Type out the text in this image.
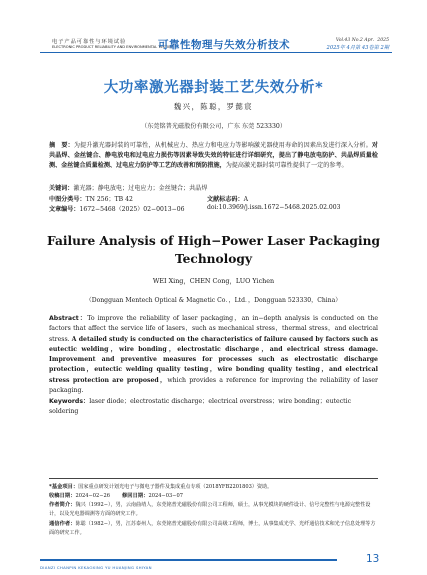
电子产品可靠性与环境试验
ELECTRONIC PRODUCT RELIABILITY AND ENVIRONMENTAL TESTING
可靠性物理与失效分析技术	Vol.43 No.2 Apr．2025
2025年 4月第 43卷第 2期
大功率激光器封装工艺失效分析*
魏兴，陈聪，罗懿宸
（东莞铭普光磁股份有限公司，广东 东莞 523330）
摘　要：为提升激光器封装的可靠性，从机械应力、热应力和电应力等影响激光器使用寿命的因素出发进行深入分析。对共晶焊、金丝键合、静电放电和过电应力损伤等因素导致失效的特征进行详细研究，提出了静电放电防护、共晶焊质量检测、金丝键合质量检测、过电应力防护等工艺的改善和预防措施，为提高激光器封装可靠性提供了一定的参考。
关键词：激光器；静电放电；过电应力；金丝键合；共晶焊
中图分类号：TN 256；TB 42	文献标志码：A
文章编号：1672−5468（2025）02−0013−06	doi:10.3969/j.issn.1672−5468.2025.02.003
Failure Analysis of High−Power Laser Packaging Technology
WEI Xing，CHEN Cong，LUO Yichen
（Dongguan Mentech Optical & Magnetic Co．，Ltd．，Dongguan 523330，China）
Abstract：To improve the reliability of laser packaging，an in−depth analysis is conducted on the factors that affect the service life of lasers，such as mechanical stress，thermal stress，and electrical stress. A detailed study is conducted on the characteristics of failure caused by factors such as eutectic welding，wire bonding，electrostatic discharge，and electrical stress damage. Improvement and preventive measures for processes such as electrostatic discharge protection，eutectic welding quality testing，wire bonding quality testing，and electrical stress protection are proposed，which provides a reference for improving the reliability of laser packaging.
Keywords：laser diode；electrostatic discharge；electrical overstress；wire bonding；eutectic soldering
*基金项目：国家重点研发计划光电子与微电子器件及集成重点专项（2018YFB2201803）资助。
收稿日期：2024−02−26 修回日期：2024−03−07
作者简介：魏兴（1992−），男，云南曲靖人，东莞铭普光磁股份有限公司工程师，硕士，从事光模块的硬件设计、信号完整性与电源完整性设计，以及光电器调测等方面的研究工作。
通信作者：陈聪（1982−），男，江苏泰州人，东莞铭普光磁股份有限公司高级工程师，博士，从事集成光学、光纤通信技术和光子信息处理等方面的研究工作。
DIANZI CHANPIN KEKAOXING YU HUANJING SHIYAN
13
